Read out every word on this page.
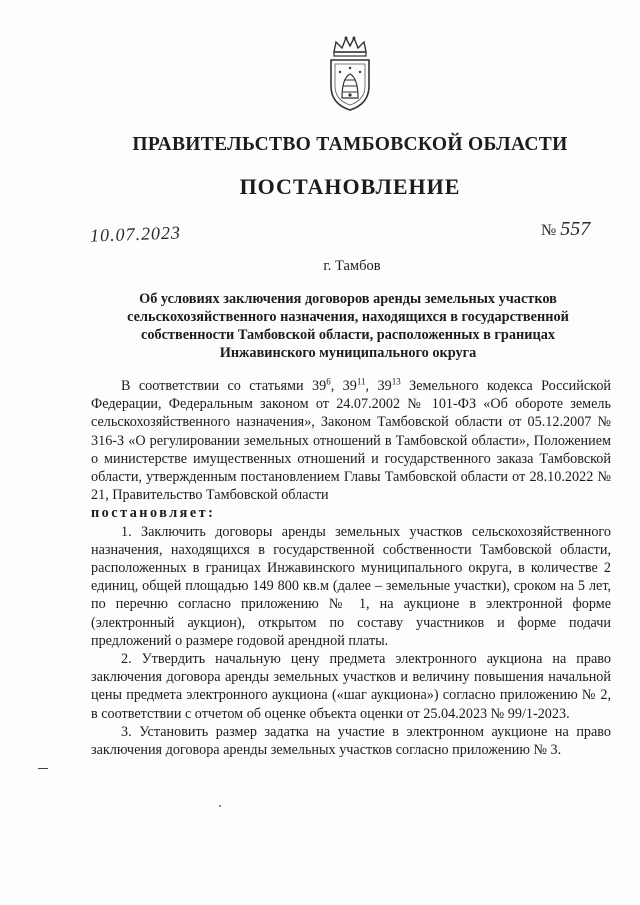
ПРАВИТЕЛЬСТВО ТАМБОВСКОЙ ОБЛАСТИ
ПОСТАНОВЛЕНИЕ
10.07.2023	№ 557
г. Тамбов
Об условиях заключения договоров аренды земельных участков сельскохозяйственного назначения, находящихся в государственной собственности Тамбовской области, расположенных в границах Инжавинского муниципального округа

В соответствии со статьями $39^6$, $39^{11}$, $39^{13}$ Земельного кодекса Российской Федерации, Федеральным законом от 24.07.2002 № 101-ФЗ «Об обороте земель сельскохозяйственного назначения», Законом Тамбовской области от 05.12.2007 № 316-З «О регулировании земельных отношений в Тамбовской области», Положением о министерстве имущественных отношений и государственного заказа Тамбовской области, утвержденным постановлением Главы Тамбовской области от 28.10.2022 № 21, Правительство Тамбовской области

постановляет:

1. Заключить договоры аренды земельных участков сельскохозяйственного назначения, находящихся в государственной собственности Тамбовской области, расположенных в границах Инжавинского муниципального округа, в количестве 2 единиц, общей площадью 149 800 кв.м (далее – земельные участки), сроком на 5 лет, по перечню согласно приложению № 1, на аукционе в электронной форме (электронный аукцион), открытом по составу участников и форме подачи предложений о размере годовой арендной платы.

2. Утвердить начальную цену предмета электронного аукциона на право заключения договора аренды земельных участков и величину повышения начальной цены предмета электронного аукциона («шаг аукциона») согласно приложению № 2, в соответствии с отчетом об оценке объекта оценки от 25.04.2023 № 99/1-2023.

3. Установить размер задатка на участие в электронном аукционе на право заключения договора аренды земельных участков согласно приложению № 3.
